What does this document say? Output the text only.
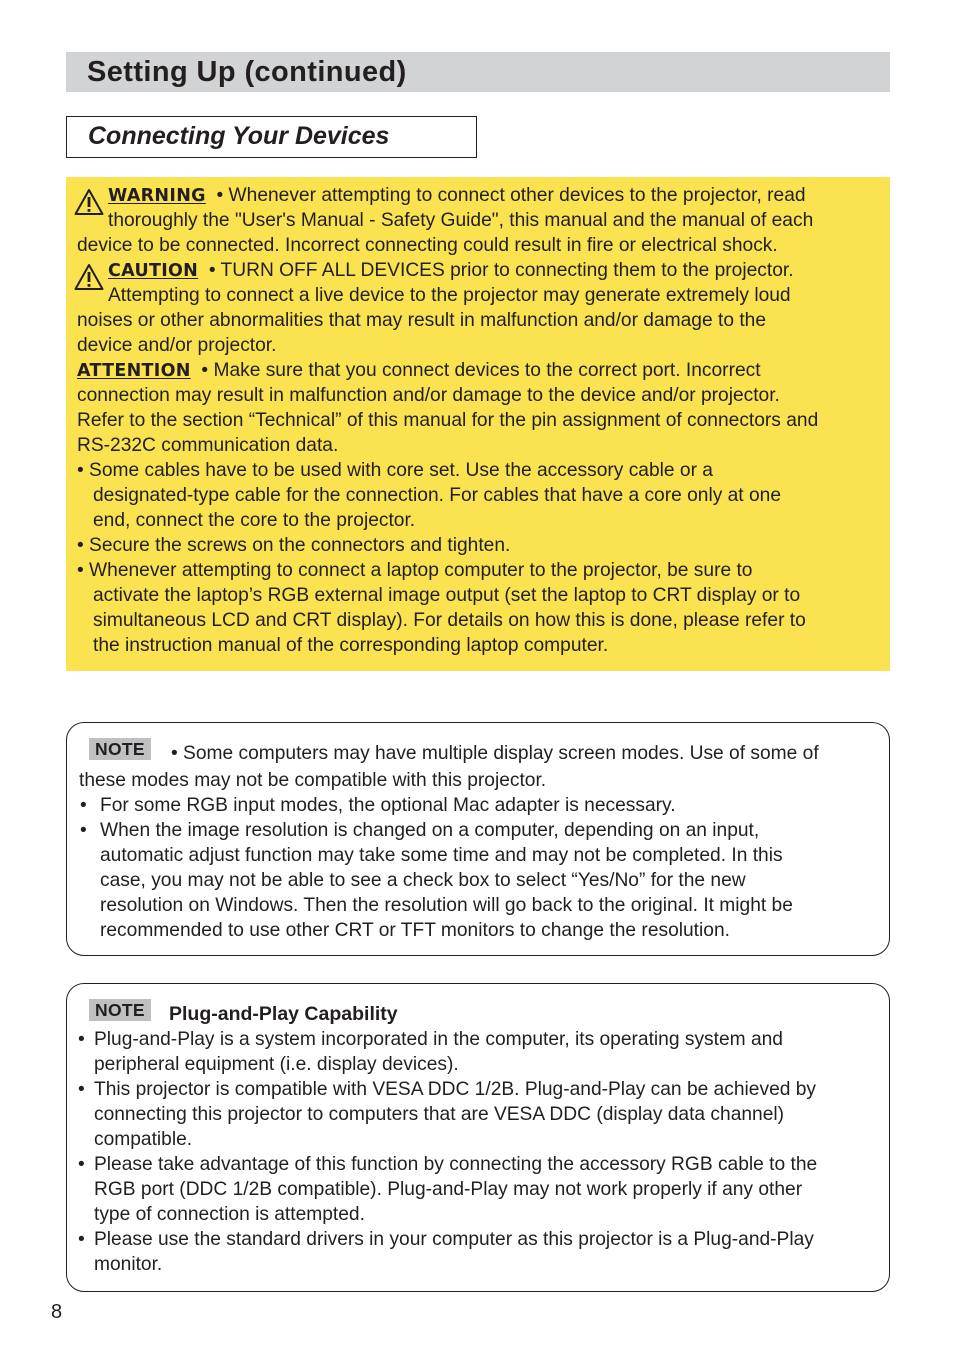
Setting Up (continued)
Connecting Your Devices
WARNING • Whenever attempting to connect other devices to the projector, read
thoroughly the "User's Manual - Safety Guide", this manual and the manual of each
device to be connected. Incorrect connecting could result in fire or electrical shock.
CAUTION • TURN OFF ALL DEVICES prior to connecting them to the projector.
Attempting to connect a live device to the projector may generate extremely loud
noises or other abnormalities that may result in malfunction and/or damage to the
device and/or projector.
ATTENTION • Make sure that you connect devices to the correct port. Incorrect
connection may result in malfunction and/or damage to the device and/or projector.
Refer to the section “Technical” of this manual for the pin assignment of connectors and
RS-232C communication data.
• Some cables have to be used with core set. Use the accessory cable or a
designated-type cable for the connection. For cables that have a core only at one
end, connect the core to the projector.
• Secure the screws on the connectors and tighten.
• Whenever attempting to connect a laptop computer to the projector, be sure to
activate the laptop’s RGB external image output (set the laptop to CRT display or to
simultaneous LCD and CRT display). For details on how this is done, please refer to
the instruction manual of the corresponding laptop computer.
NOTE	• Some computers may have multiple display screen modes. Use of some of
these modes may not be compatible with this projector.
• For some RGB input modes, the optional Mac adapter is necessary.
• When the image resolution is changed on a computer, depending on an input,
automatic adjust function may take some time and may not be completed. In this
case, you may not be able to see a check box to select “Yes/No” for the new
resolution on Windows. Then the resolution will go back to the original. It might be
recommended to use other CRT or TFT monitors to change the resolution.
NOTE	Plug-and-Play Capability
• Plug-and-Play is a system incorporated in the computer, its operating system and
peripheral equipment (i.e. display devices).
• This projector is compatible with VESA DDC 1/2B. Plug-and-Play can be achieved by
connecting this projector to computers that are VESA DDC (display data channel)
compatible.
• Please take advantage of this function by connecting the accessory RGB cable to the
RGB port (DDC 1/2B compatible). Plug-and-Play may not work properly if any other
type of connection is attempted.
• Please use the standard drivers in your computer as this projector is a Plug-and-Play
monitor.
8
